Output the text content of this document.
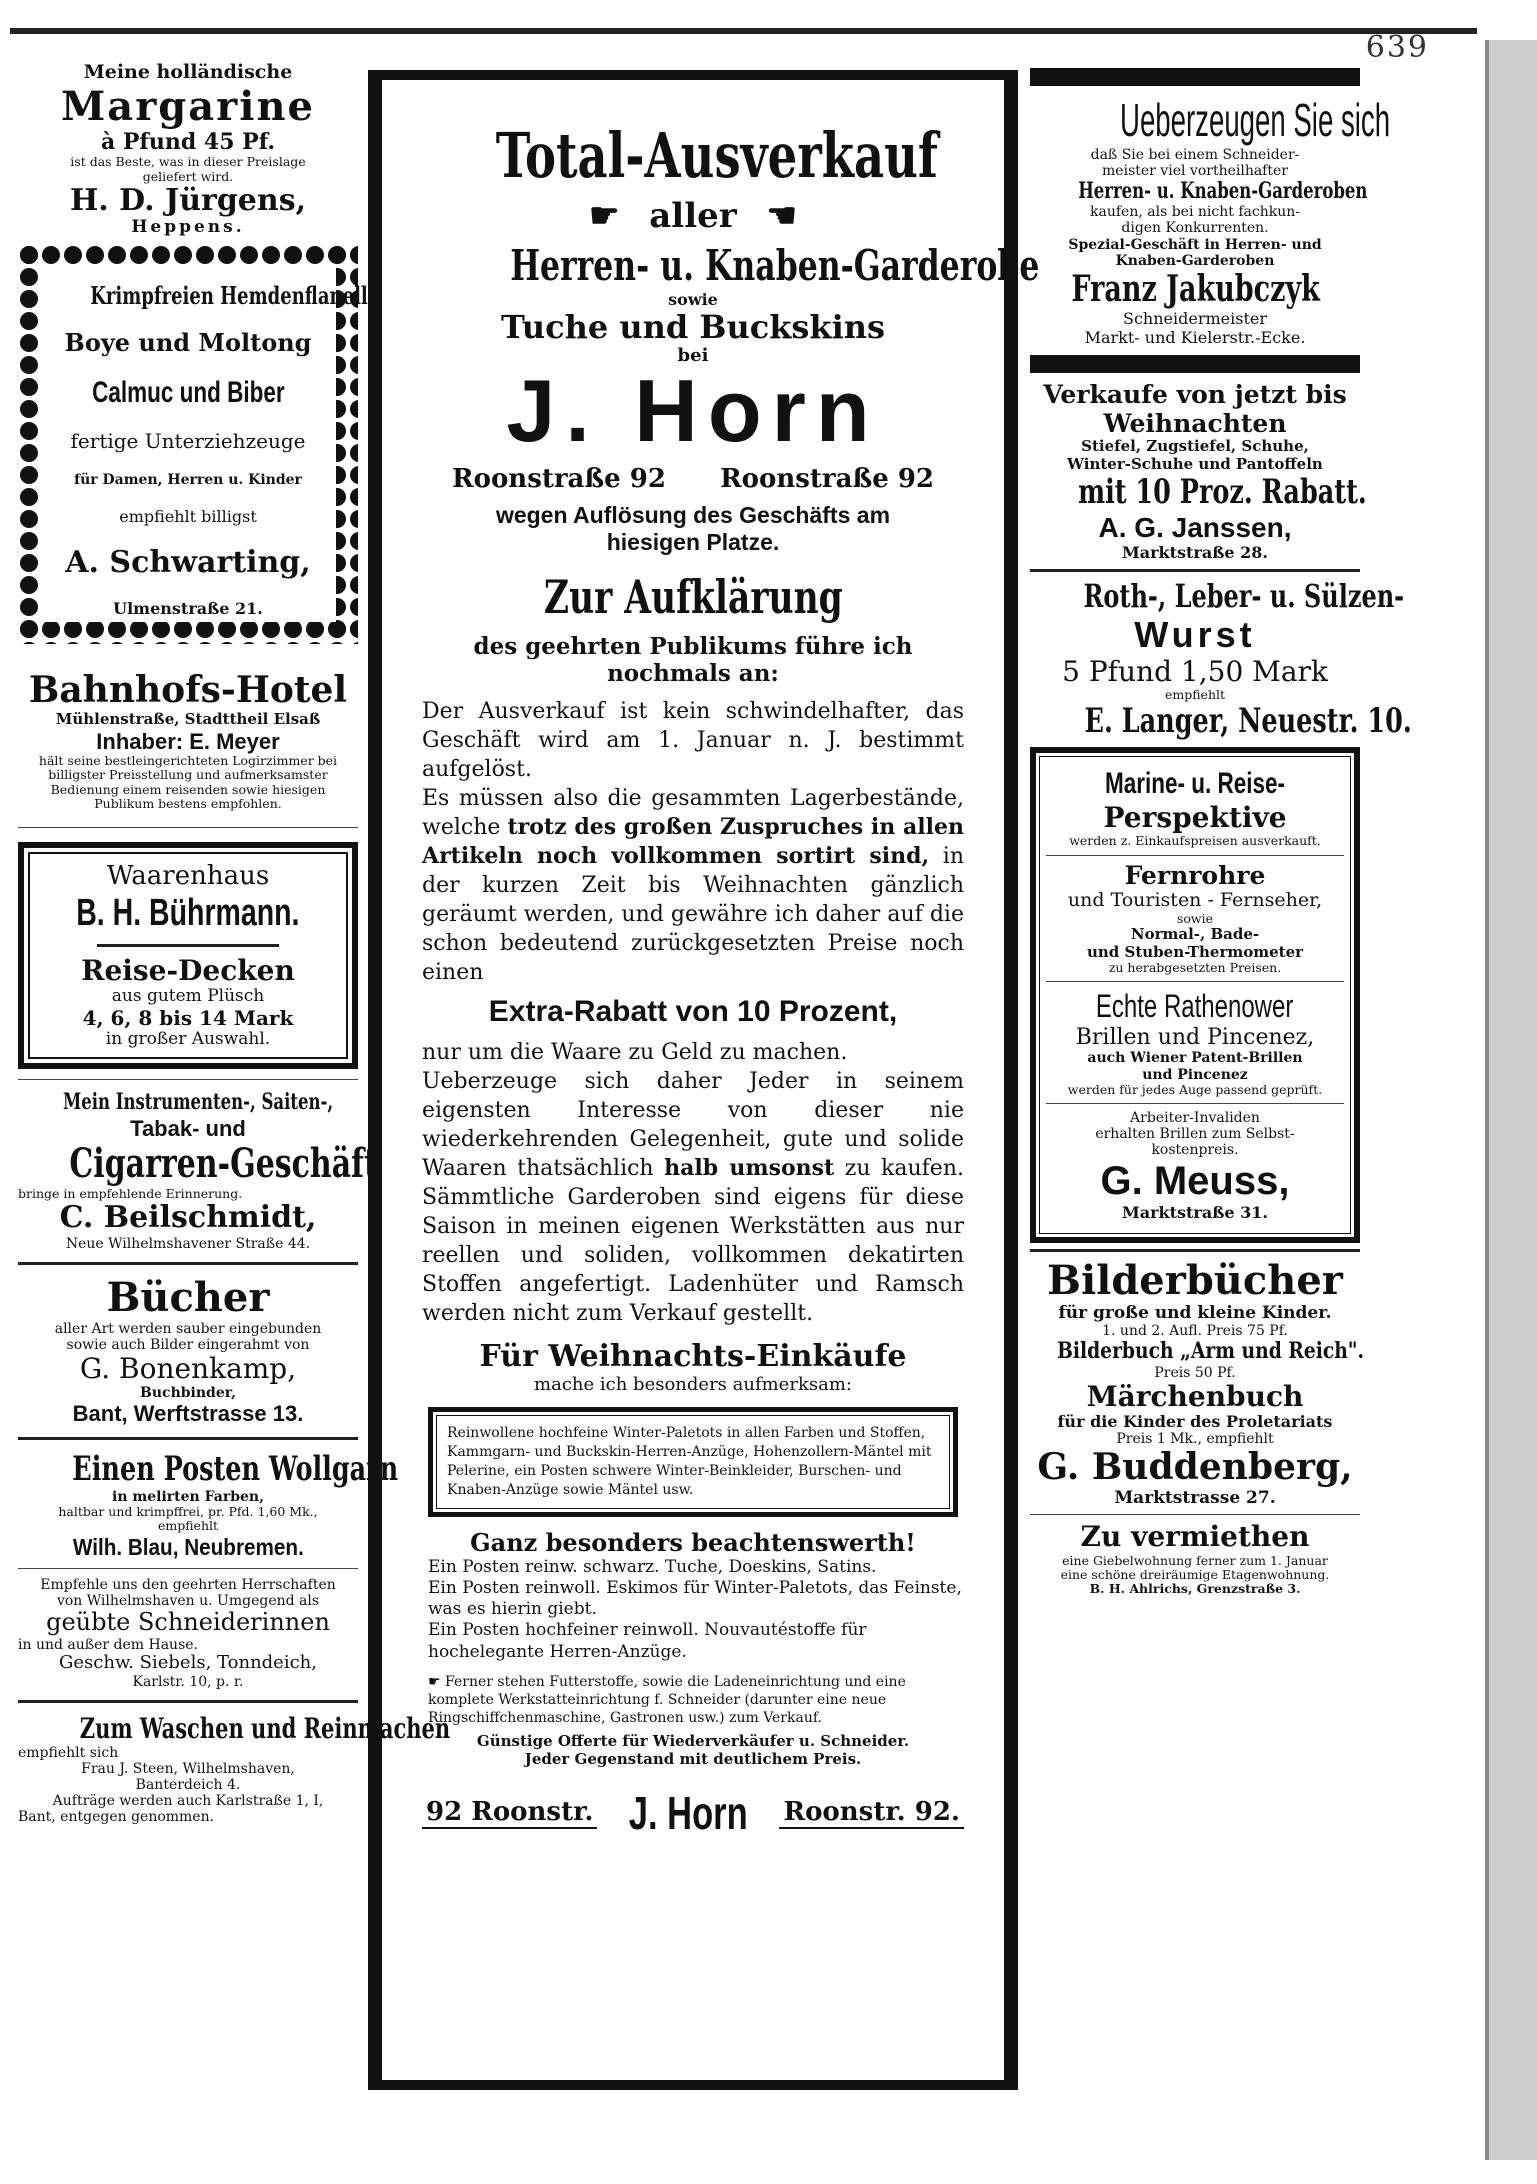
639
Meine holländische
Margarine
à Pfund 45 Pf.
ist das Beste, was in dieser Preislage
geliefert wird.
H. D. Jürgens,
Heppens.
Krimpfreien Hemdenflanell
Boye und Moltong
Calmuc und Biber
fertige Unterziehzeuge
für Damen, Herren u. Kinder
empfiehlt billigst
A. Schwarting,
Ulmenstraße 21.
Bahnhofs-Hotel
Mühlenstraße, Stadttheil Elsaß
Inhaber: E. Meyer
hält seine bestleingerichteten Logirzimmer bei
billigster Preisstellung und aufmerksamster
Bedienung einem reisenden sowie hiesigen
Publikum bestens empfohlen.
Waarenhaus
B. H. Bührmann.
Reise-Decken
aus gutem Plüsch
4, 6, 8 bis 14 Mark
in großer Auswahl.
Mein Instrumenten-, Saiten-,
Tabak- und
Cigarren-Geschäft
bringe in empfehlende Erinnerung.
C. Beilschmidt,
Neue Wilhelmshavener Straße 44.
Bücher
aller Art werden sauber eingebunden
sowie auch Bilder eingerahmt von
G. Bonenkamp,
Buchbinder,
Bant, Werftstrasse 13.
Einen Posten Wollgarn
in melirten Farben,
haltbar und krimpffrei, pr. Pfd. 1,60 Mk.,
empfiehlt
Wilh. Blau, Neubremen.
Empfehle uns den geehrten Herrschaften
von Wilhelmshaven u. Umgegend als
geübte Schneiderinnen
in und außer dem Hause.
Geschw. Siebels, Tonndeich,
Karlstr. 10, p. r.
Zum Waschen und Reinmachen
empfiehlt sich
Frau J. Steen, Wilhelmshaven,
Banterdeich 4.
Aufträge werden auch Karlstraße 1, I,
Bant, entgegen genommen.
Total-Ausverkauf
☛ aller ☚
Herren- u. Knaben-Garderobe
sowie
Tuche und Buckskins
bei
J. Horn
Roonstraße 92 Roonstraße 92
wegen Auflösung des Geschäfts am
hiesigen Platze.
Zur Aufklärung
des geehrten Publikums führe ich nochmals an:

Der Ausverkauf ist kein schwindelhafter, das Geschäft wird am 1. Januar n. J. bestimmt aufgelöst.

Es müssen also die gesammten Lagerbestände, welche trotz des großen Zuspruches in allen Artikeln noch vollkommen sortirt sind, in der kurzen Zeit bis Weihnachten gänzlich geräumt werden, und gewähre ich daher auf die schon bedeutend zurückgesetzten Preise noch einen

Extra-Rabatt von 10 Prozent,

nur um die Waare zu Geld zu machen.

Ueberzeuge sich daher Jeder in seinem eigensten Interesse von dieser nie wiederkehrenden Gelegenheit, gute und solide Waaren thatsächlich halb umsonst zu kaufen. Sämmtliche Garderoben sind eigens für diese Saison in meinen eigenen Werkstätten aus nur reellen und soliden, vollkommen dekatirten Stoffen angefertigt. Ladenhüter und Ramsch werden nicht zum Verkauf gestellt.

Für Weihnachts-Einkäufe
mache ich besonders aufmerksam:
Reinwollene hochfeine Winter-Paletots in allen Farben und Stoffen, Kammgarn- und Buckskin-Herren-Anzüge, Hohenzollern-Mäntel mit Pelerine, ein Posten schwere Winter-Beinkleider, Burschen- und Knaben-Anzüge sowie Mäntel usw.
Ganz besonders beachtenswerth!
Ein Posten reinw. schwarz. Tuche, Doeskins, Satins.
Ein Posten reinwoll. Eskimos für Winter-Paletots, das Feinste, was es hierin giebt.
Ein Posten hochfeiner reinwoll. Nouvautéstoffe für hochelegante Herren-Anzüge.
☛ Ferner stehen Futterstoffe, sowie die Ladeneinrichtung und eine komplete Werkstatteinrichtung f. Schneider (darunter eine neue Ringschiffchenmaschine, Gastronen usw.) zum Verkauf.
Günstige Offerte für Wiederverkäufer u. Schneider.
Jeder Gegenstand mit deutlichem Preis.
92 Roonstr. J. Horn	Roonstr. 92.
Ueberzeugen Sie sich
daß Sie bei einem Schneider-
meister viel vortheilhafter
Herren- u. Knaben-Garderoben
kaufen, als bei nicht fachkun-
digen Konkurrenten.
Spezial-Geschäft in Herren- und
Knaben-Garderoben
Franz Jakubczyk
Schneidermeister
Markt- und Kielerstr.-Ecke.
Verkaufe von jetzt bis
Weihnachten
Stiefel, Zugstiefel, Schuhe,
Winter-Schuhe und Pantoffeln
mit 10 Proz. Rabatt.
A. G. Janssen,
Marktstraße 28.
Roth-, Leber- u. Sülzen-
Wurst
5 Pfund 1,50 Mark
empfiehlt
E. Langer, Neuestr. 10.
Marine- u. Reise-
Perspektive
werden z. Einkaufspreisen ausverkauft.
Fernrohre
und Touristen - Fernseher,
sowie
Normal-, Bade-
und Stuben-Thermometer
zu herabgesetzten Preisen.
Echte Rathenower
Brillen und Pincenez,
auch Wiener Patent-Brillen
und Pincenez
werden für jedes Auge passend geprüft.
Arbeiter-Invaliden
erhalten Brillen zum Selbst-
kostenpreis.
G. Meuss,
Marktstraße 31.
Bilderbücher
für große und kleine Kinder.
1. und 2. Aufl. Preis 75 Pf.
Bilderbuch „Arm und Reich".
Preis 50 Pf.
Märchenbuch
für die Kinder des Proletariats
Preis 1 Mk., empfiehlt
G. Buddenberg,
Marktstrasse 27.
Zu vermiethen
eine Giebelwohnung ferner zum 1. Januar
eine schöne dreiräumige Etagenwohnung.
B. H. Ahlrichs, Grenzstraße 3.
